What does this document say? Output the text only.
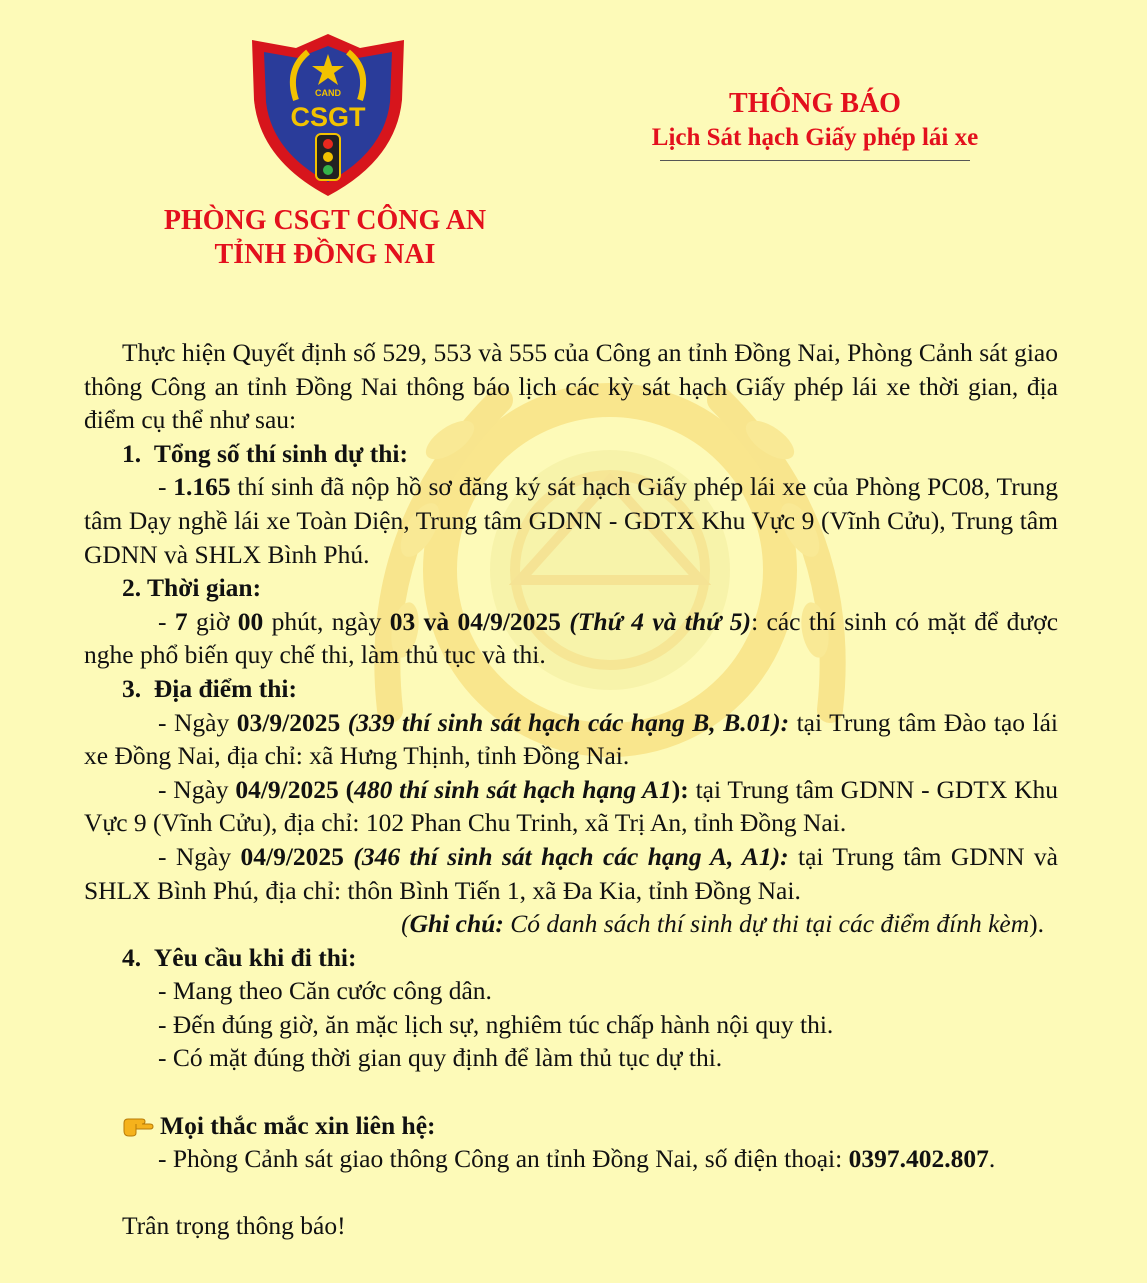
CAND
CSGT
PHÒNG CSGT CÔNG AN
TỈNH ĐỒNG NAI
THÔNG BÁO
Lịch Sát hạch Giấy phép lái xe

Thực hiện Quyết định số 529, 553 và 555 của Công an tỉnh Đồng Nai, Phòng Cảnh sát giao thông Công an tỉnh Đồng Nai thông báo lịch các kỳ sát hạch Giấy phép lái xe thời gian, địa điểm cụ thể như sau:

1. Tổng số thí sinh dự thi:

- 1.165 thí sinh đã nộp hồ sơ đăng ký sát hạch Giấy phép lái xe của Phòng PC08, Trung tâm Dạy nghề lái xe Toàn Diện, Trung tâm GDNN - GDTX Khu Vực 9 (Vĩnh Cửu), Trung tâm GDNN và SHLX Bình Phú.

2. Thời gian:

- 7 giờ 00 phút, ngày 03 và 04/9/2025 (Thứ 4 và thứ 5): các thí sinh có mặt để được nghe phổ biến quy chế thi, làm thủ tục và thi.

3. Địa điểm thi:

- Ngày 03/9/2025 (339 thí sinh sát hạch các hạng B, B.01): tại Trung tâm Đào tạo lái xe Đồng Nai, địa chỉ: xã Hưng Thịnh, tỉnh Đồng Nai.

- Ngày 04/9/2025 (480 thí sinh sát hạch hạng A1): tại Trung tâm GDNN - GDTX Khu Vực 9 (Vĩnh Cửu), địa chỉ: 102 Phan Chu Trinh, xã Trị An, tỉnh Đồng Nai.

- Ngày 04/9/2025 (346 thí sinh sát hạch các hạng A, A1): tại Trung tâm GDNN và SHLX Bình Phú, địa chỉ: thôn Bình Tiến 1, xã Đa Kia, tỉnh Đồng Nai.

(Ghi chú: Có danh sách thí sinh dự thi tại các điểm đính kèm).

4. Yêu cầu khi đi thi:

- Mang theo Căn cước công dân.

- Đến đúng giờ, ăn mặc lịch sự, nghiêm túc chấp hành nội quy thi.

- Có mặt đúng thời gian quy định để làm thủ tục dự thi.

Mọi thắc mắc xin liên hệ:

- Phòng Cảnh sát giao thông Công an tỉnh Đồng Nai, số điện thoại: 0397.402.807.

Trân trọng thông báo!
